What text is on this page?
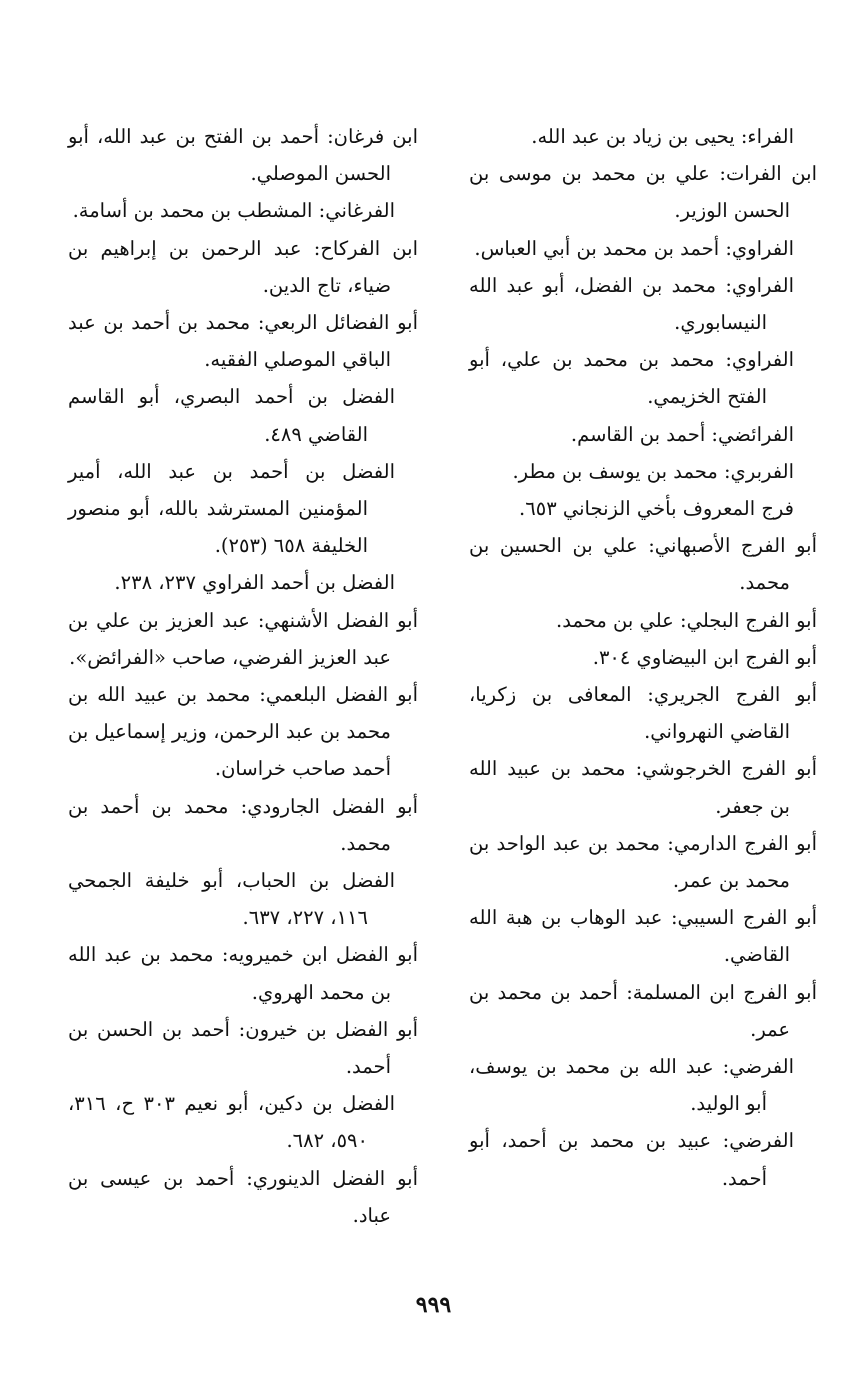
الفراء: يحيى بن زياد بن عبد الله.

ابن الفرات: علي بن محمد بن موسى بن الحسن الوزير.

الفراوي: أحمد بن محمد بن أبي العباس.

الفراوي: محمد بن الفضل، أبو عبد الله النيسابوري.

الفراوي: محمد بن محمد بن علي، أبو الفتح الخزيمي.

الفرائضي: أحمد بن القاسم.

الفربري: محمد بن يوسف بن مطر.

فرج المعروف بأخي الزنجاني ٦٥٣.

أبو الفرج الأصبهاني: علي بن الحسين بن محمد.

أبو الفرج البجلي: علي بن محمد.

أبو الفرج ابن البيضاوي ٣٠٤.

أبو الفرج الجريري: المعافى بن زكريا، القاضي النهرواني.

أبو الفرج الخرجوشي: محمد بن عبيد الله بن جعفر.

أبو الفرج الدارمي: محمد بن عبد الواحد بن محمد بن عمر.

أبو الفرج السيبي: عبد الوهاب بن هبة الله القاضي.

أبو الفرج ابن المسلمة: أحمد بن محمد بن عمر.

الفرضي: عبد الله بن محمد بن يوسف، أبو الوليد.

الفرضي: عبيد بن محمد بن أحمد، أبو أحمد.

ابن فرغان: أحمد بن الفتح بن عبد الله، أبو الحسن الموصلي.

الفرغاني: المشطب بن محمد بن أسامة.

ابن الفركاح: عبد الرحمن بن إبراهيم بن ضياء، تاج الدين.

أبو الفضائل الربعي: محمد بن أحمد بن عبد الباقي الموصلي الفقيه.

الفضل بن أحمد البصري، أبو القاسم القاضي ٤٨٩.

الفضل بن أحمد بن عبد الله، أمير المؤمنين المسترشد بالله، أبو منصور الخليفة ٦٥٨ (٢٥٣).

الفضل بن أحمد الفراوي ٢٣٧، ٢٣٨.

أبو الفضل الأشنهي: عبد العزيز بن علي بن عبد العزيز الفرضي، صاحب «الفرائض».

أبو الفضل البلعمي: محمد بن عبيد الله بن محمد بن عبد الرحمن، وزير إسماعيل بن أحمد صاحب خراسان.

أبو الفضل الجارودي: محمد بن أحمد بن محمد.

الفضل بن الحباب، أبو خليفة الجمحي ١١٦، ٢٢٧، ٦٣٧.

أبو الفضل ابن خميرويه: محمد بن عبد الله بن محمد الهروي.

أبو الفضل بن خيرون: أحمد بن الحسن بن أحمد.

الفضل بن دكين، أبو نعيم ٣٠٣ ح، ٣١٦، ٥٩٠، ٦٨٢.

أبو الفضل الدينوري: أحمد بن عيسى بن عباد.

٩٩٩
